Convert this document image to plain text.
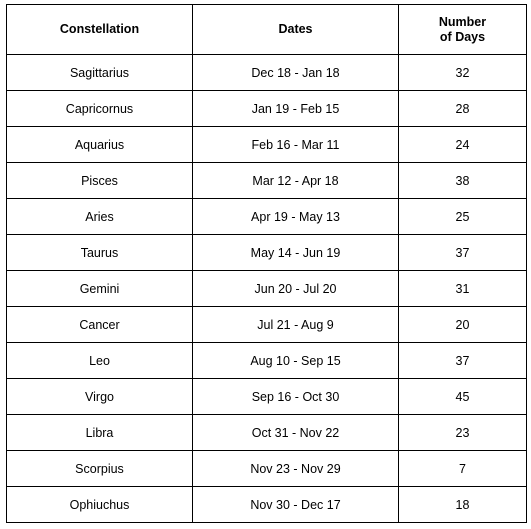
Constellation	Dates	Number
of Days

Sagittarius	Dec 18 - Jan 18	32
Capricornus	Jan 19 - Feb 15	28
Aquarius	Feb 16 - Mar 11	24
Pisces	Mar 12 - Apr 18	38
Aries	Apr 19 - May 13	25
Taurus	May 14 - Jun 19	37
Gemini	Jun 20 - Jul 20	31
Cancer	Jul 21 - Aug 9	20
Leo	Aug 10 - Sep 15	37
Virgo	Sep 16 - Oct 30	45
Libra	Oct 31 - Nov 22	23
Scorpius	Nov 23 - Nov 29	7
Ophiuchus	Nov 30 - Dec 17	18
